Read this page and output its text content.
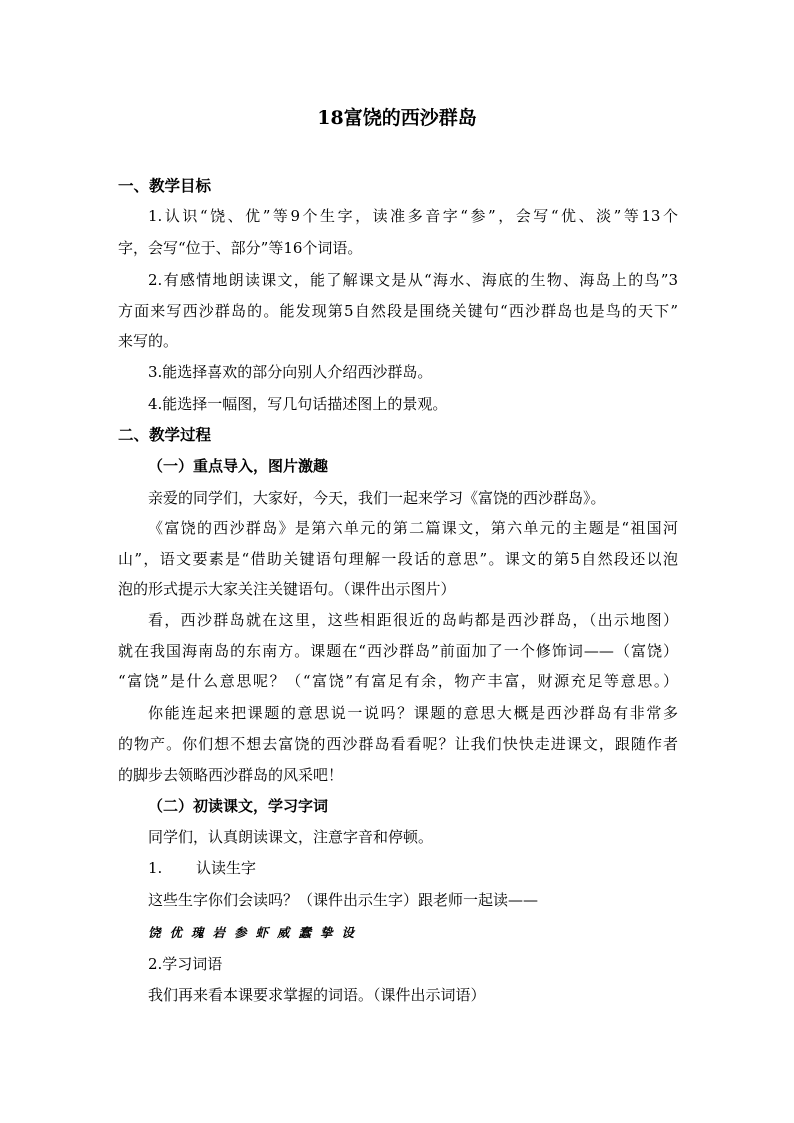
18富饶的西沙群岛
一、教学目标
1.认识“饶、优”等9个生字，读准多音字“参”，会写“优、淡”等13个
字，会写“位于、部分”等16个词语。
2.有感情地朗读课文，能了解课文是从“海水、海底的生物、海岛上的鸟”3
方面来写西沙群岛的。能发现第5自然段是围绕关键句“西沙群岛也是鸟的天下”
来写的。
3.能选择喜欢的部分向别人介绍西沙群岛。
4.能选择一幅图，写几句话描述图上的景观。
二、教学过程
（一）重点导入，图片激趣
亲爱的同学们，大家好，今天，我们一起来学习《富饶的西沙群岛》。
《富饶的西沙群岛》是第六单元的第二篇课文，第六单元的主题是“祖国河
山”，语文要素是“借助关键语句理解一段话的意思”。课文的第5自然段还以泡
泡的形式提示大家关注关键语句。（课件出示图片）
看，西沙群岛就在这里，这些相距很近的岛屿都是西沙群岛，（出示地图）
就在我国海南岛的东南方。课题在“西沙群岛”前面加了一个修饰词——（富饶）
“富饶”是什么意思呢？（“富饶”有富足有余，物产丰富，财源充足等意思。）
你能连起来把课题的意思说一说吗？课题的意思大概是西沙群岛有非常多
的物产。你们想不想去富饶的西沙群岛看看呢？让我们快快走进课文，跟随作者
的脚步去领略西沙群岛的风采吧！
（二）初读课文，学习字词
同学们，认真朗读课文，注意字音和停顿。
1. 认读生字
这些生字你们会读吗？（课件出示生字）跟老师一起读——
饶优瑰岩参虾威蠢挚设
2.学习词语
我们再来看本课要求掌握的词语。（课件出示词语）
